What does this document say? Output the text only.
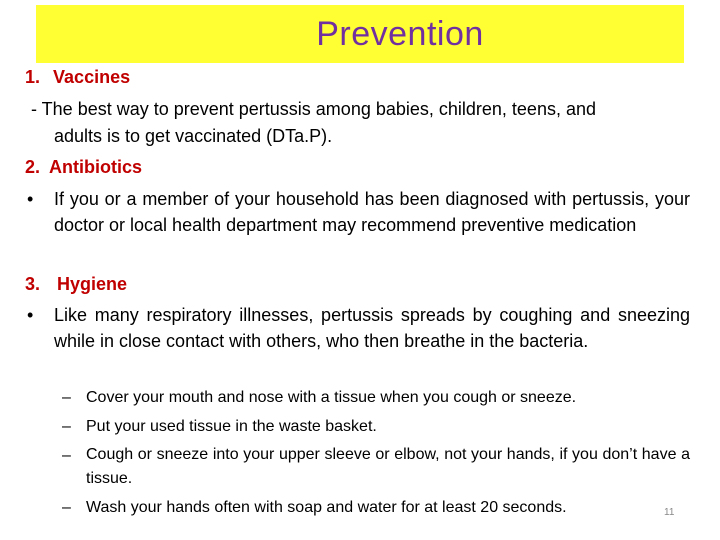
Prevention
1. Vaccines
- The best way to prevent pertussis among babies, children, teens, and
adults is to get vaccinated (DTa.P).
2. Antibiotics
• If you or a member of your household has been diagnosed with pertussis, your doctor or local health department may recommend preventive medication
3. Hygiene
• Like many respiratory illnesses, pertussis spreads by coughing and sneezing while in close contact with others, who then breathe in the bacteria.
– Cover your mouth and nose with a tissue when you cough or sneeze.
– Put your used tissue in the waste basket.
– Cough or sneeze into your upper sleeve or elbow, not your hands, if you don’t have a tissue.
– Wash your hands often with soap and water for at least 20 seconds.	11
